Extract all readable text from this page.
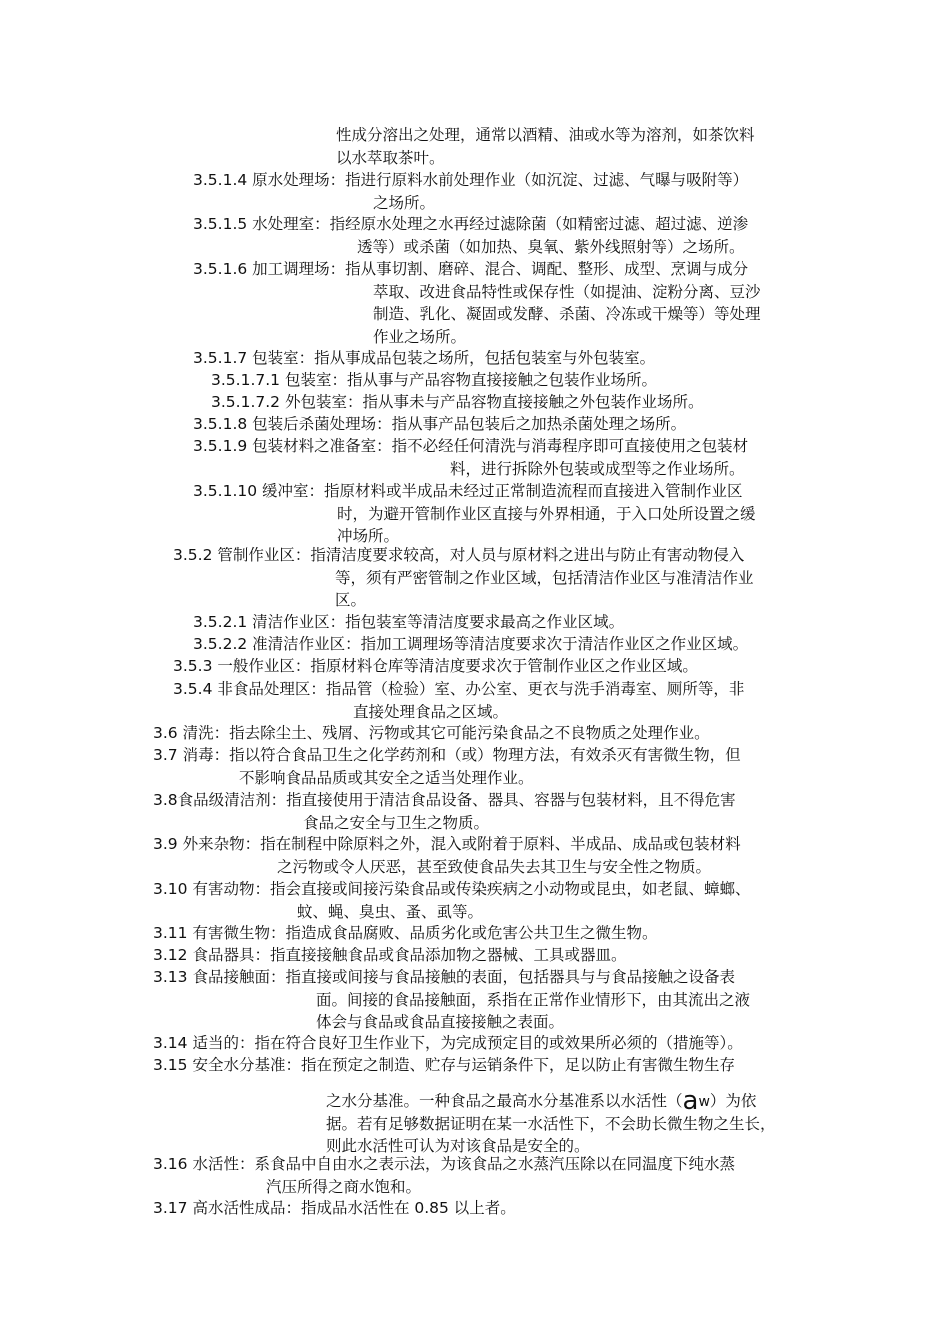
性成分溶出之处理，通常以酒精、油或水等为溶剂，如茶饮料
以水萃取茶叶。
3.5.1.4 原水处理场：指进行原料水前处理作业（如沉淀、过滤、气曝与吸附等）
之场所。
3.5.1.5 水处理室：指经原水处理之水再经过滤除菌（如精密过滤、超过滤、逆渗
透等）或杀菌（如加热、臭氧、紫外线照射等）之场所。
3.5.1.6 加工调理场：指从事切割、磨碎、混合、调配、整形、成型、烹调与成分
萃取、改进食品特性或保存性（如提油、淀粉分离、豆沙
制造、乳化、凝固或发酵、杀菌、冷冻或干燥等）等处理
作业之场所。
3.5.1.7 包装室：指从事成品包装之场所，包括包装室与外包装室。
3.5.1.7.1 包装室：指从事与产品容物直接接触之包装作业场所。
3.5.1.7.2 外包装室：指从事未与产品容物直接接触之外包装作业场所。
3.5.1.8 包装后杀菌处理场：指从事产品包装后之加热杀菌处理之场所。
3.5.1.9 包装材料之准备室：指不必经任何清洗与消毒程序即可直接使用之包装材
料，进行拆除外包装或成型等之作业场所。
3.5.1.10 缓冲室：指原材料或半成品未经过正常制造流程而直接进入管制作业区
时，为避开管制作业区直接与外界相通，于入口处所设置之缓
冲场所。
3.5.2 管制作业区：指清洁度要求较高，对人员与原材料之进出与防止有害动物侵入
等，须有严密管制之作业区域，包括清洁作业区与准清洁作业
区。
3.5.2.1 清洁作业区：指包装室等清洁度要求最高之作业区域。
3.5.2.2 准清洁作业区：指加工调理场等清洁度要求次于清洁作业区之作业区域。
3.5.3 一般作业区：指原材料仓库等清洁度要求次于管制作业区之作业区域。
3.5.4 非食品处理区：指品管（检验）室、办公室、更衣与洗手消毒室、厕所等，非
直接处理食品之区域。
3.6 清洗：指去除尘土、残屑、污物或其它可能污染食品之不良物质之处理作业。
3.7 消毒：指以符合食品卫生之化学药剂和（或）物理方法，有效杀灭有害微生物，但
不影响食品品质或其安全之适当处理作业。
3.8食品级清洁剂：指直接使用于清洁食品设备、器具、容器与包装材料，且不得危害
食品之安全与卫生之物质。
3.9 外来杂物：指在制程中除原料之外，混入或附着于原料、半成品、成品或包装材料
之污物或令人厌恶，甚至致使食品失去其卫生与安全性之物质。
3.10 有害动物：指会直接或间接污染食品或传染疾病之小动物或昆虫，如老鼠、蟑螂、
蚊、蝇、臭虫、蚤、虱等。
3.11 有害微生物：指造成食品腐败、品质劣化或危害公共卫生之微生物。
3.12 食品器具：指直接接触食品或食品添加物之器械、工具或器皿。
3.13 食品接触面：指直接或间接与食品接触的表面，包括器具与与食品接触之设备表
面。间接的食品接触面，系指在正常作业情形下，由其流出之液
体会与食品或食品直接接触之表面。
3.14 适当的：指在符合良好卫生作业下，为完成预定目的或效果所必须的（措施等）。
3.15 安全水分基准：指在预定之制造、贮存与运销条件下，足以防止有害微生物生存
之水分基准。一种食品之最高水分基准系以水活性（aw）为依
据。若有足够数据证明在某一水活性下，不会助长微生物之生长，
则此水活性可认为对该食品是安全的。
3.16 水活性：系食品中自由水之表示法，为该食品之水蒸汽压除以在同温度下纯水蒸
汽压所得之商水饱和。
3.17 高水活性成品：指成品水活性在 0.85 以上者。
